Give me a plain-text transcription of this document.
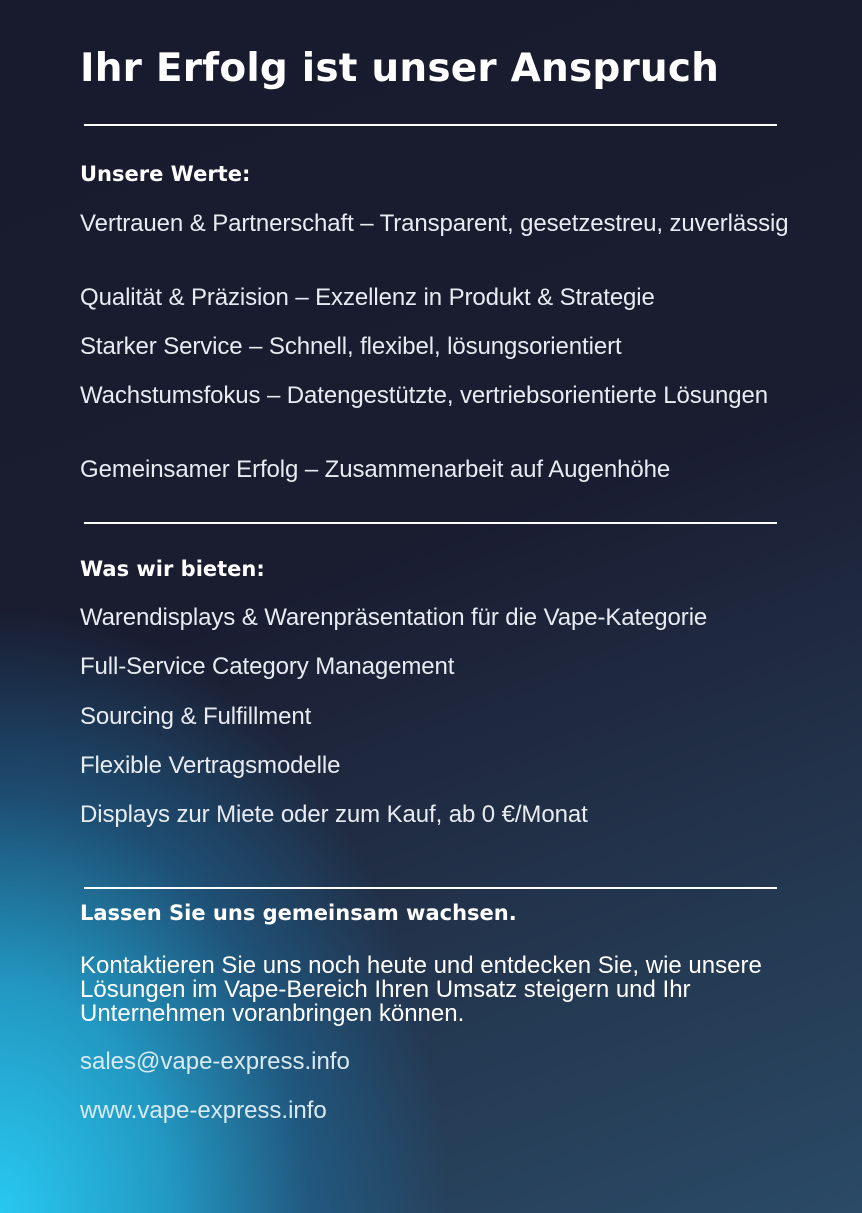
Ihr Erfolg ist unser Anspruch
Unsere Werte:

Vertrauen & Partnerschaft – Transparent, gesetzestreu, zuverlässig

Qualität & Präzision – Exzellenz in Produkt & Strategie

Starker Service – Schnell, flexibel, lösungsorientiert

Wachstumsfokus – Datengestützte, vertriebsorientierte Lösungen

Gemeinsamer Erfolg – Zusammenarbeit auf Augenhöhe

Was wir bieten:

Warendisplays & Warenpräsentation für die Vape-Kategorie

Full-Service Category Management

Sourcing & Fulfillment

Flexible Vertragsmodelle

Displays zur Miete oder zum Kauf, ab 0 €/Monat

Lassen Sie uns gemeinsam wachsen.

Kontaktieren Sie uns noch heute und entdecken Sie, wie unsere Lösungen im Vape-Bereich Ihren Umsatz steigern und Ihr Unternehmen voranbringen können.

sales@vape-express.info
www.vape-express.info
